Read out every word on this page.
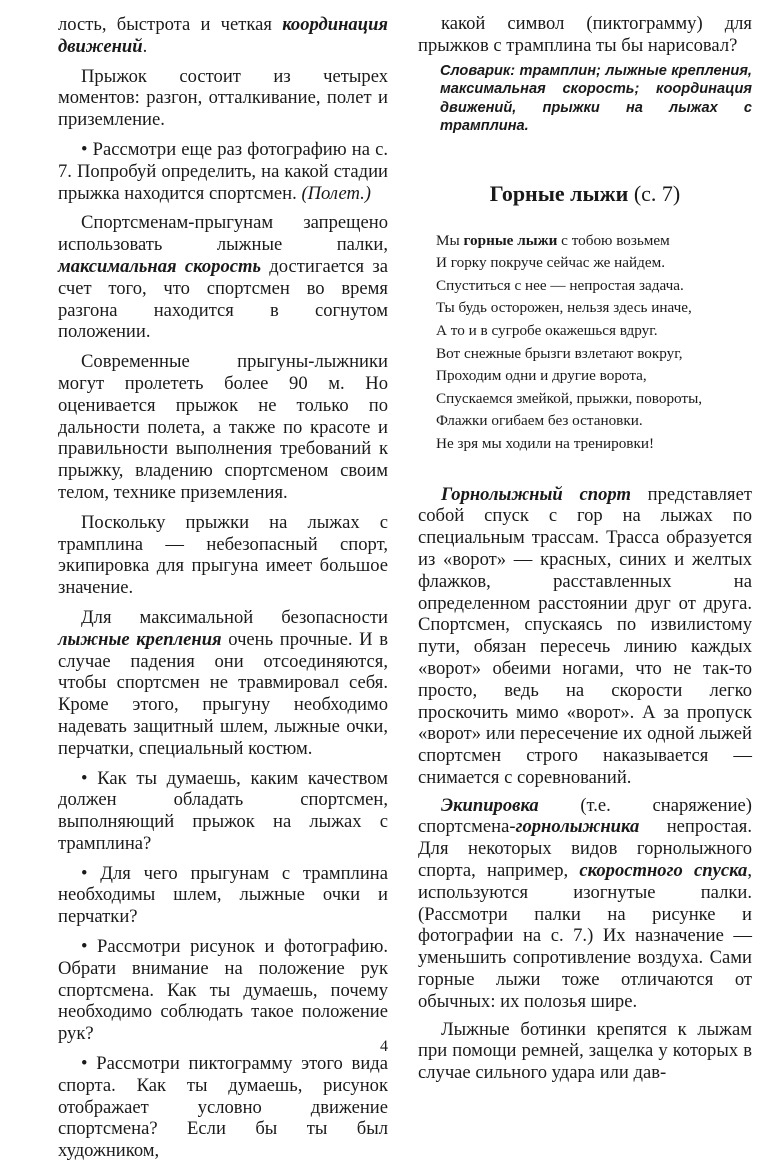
лость, быстрота и четкая координация движений.

Прыжок состоит из четырех моментов: разгон, отталкивание, полет и приземление.

• Рассмотри еще раз фотографию на с. 7. Попробуй определить, на какой стадии прыжка находится спортсмен. (Полет.)

Спортсменам-прыгунам запрещено использовать лыжные палки, максимальная скорость достигается за счет того, что спортсмен во время разгона находится в согнутом положении.

Современные прыгуны-лыжники могут пролететь более 90 м. Но оценивается прыжок не только по дальности полета, а также по красоте и правильности выполнения требований к прыжку, владению спортсменом своим телом, технике приземления.

Поскольку прыжки на лыжах с трамплина — небезопасный спорт, экипировка для прыгуна имеет большое значение.

Для максимальной безопасности лыжные крепления очень прочные. И в случае падения они отсоединяются, чтобы спортсмен не травмировал себя. Кроме этого, прыгуну необходимо надевать защитный шлем, лыжные очки, перчатки, специальный костюм.

• Как ты думаешь, каким качеством должен обладать спортсмен, выполняющий прыжок на лыжах с трамплина?

• Для чего прыгунам с трамплина необходимы шлем, лыжные очки и перчатки?

• Рассмотри рисунок и фотографию. Обрати внимание на положение рук спортсмена. Как ты думаешь, почему необходимо соблюдать такое положение рук?

• Рассмотри пиктограмму этого вида спорта. Как ты думаешь, рисунок отображает условно движение спортсмена? Если бы ты был художником,

какой символ (пиктограмму) для прыжков с трамплина ты бы нарисовал?

Словарик: трамплин; лыжные крепления, максимальная скорость; координация движений, прыжки на лыжах с трамплина.
Горные лыжи (с. 7)
Мы горные лыжи с тобою возьмем
И горку покруче сейчас же найдем.
Спуститься с нее — непростая задача.
Ты будь осторожен, нельзя здесь иначе,
А то и в сугробе окажешься вдруг.
Вот снежные брызги взлетают вокруг,
Проходим одни и другие ворота,
Спускаемся змейкой, прыжки, повороты,
Флажки огибаем без остановки.
Не зря мы ходили на тренировки!

Горнолыжный спорт представляет собой спуск с гор на лыжах по специальным трассам. Трасса образуется из «ворот» — красных, синих и желтых флажков, расставленных на определенном расстоянии друг от друга. Спортсмен, спускаясь по извилистому пути, обязан пересечь линию каждых «ворот» обеими ногами, что не так-то просто, ведь на скорости легко проскочить мимо «ворот». А за пропуск «ворот» или пересечение их одной лыжей спортсмен строго наказывается — снимается с соревнований.

Экипировка (т.е. снаряжение) спортсмена-горнолыжника непростая. Для некоторых видов горнолыжного спорта, например, скоростного спуска, используются изогнутые палки. (Рассмотри палки на рисунке и фотографии на с. 7.) Их назначение — уменьшить сопротивление воздуха. Сами горные лыжи тоже отличаются от обычных: их полозья шире.

Лыжные ботинки крепятся к лыжам при помощи ремней, защелка у которых в случае сильного удара или дав-

4
